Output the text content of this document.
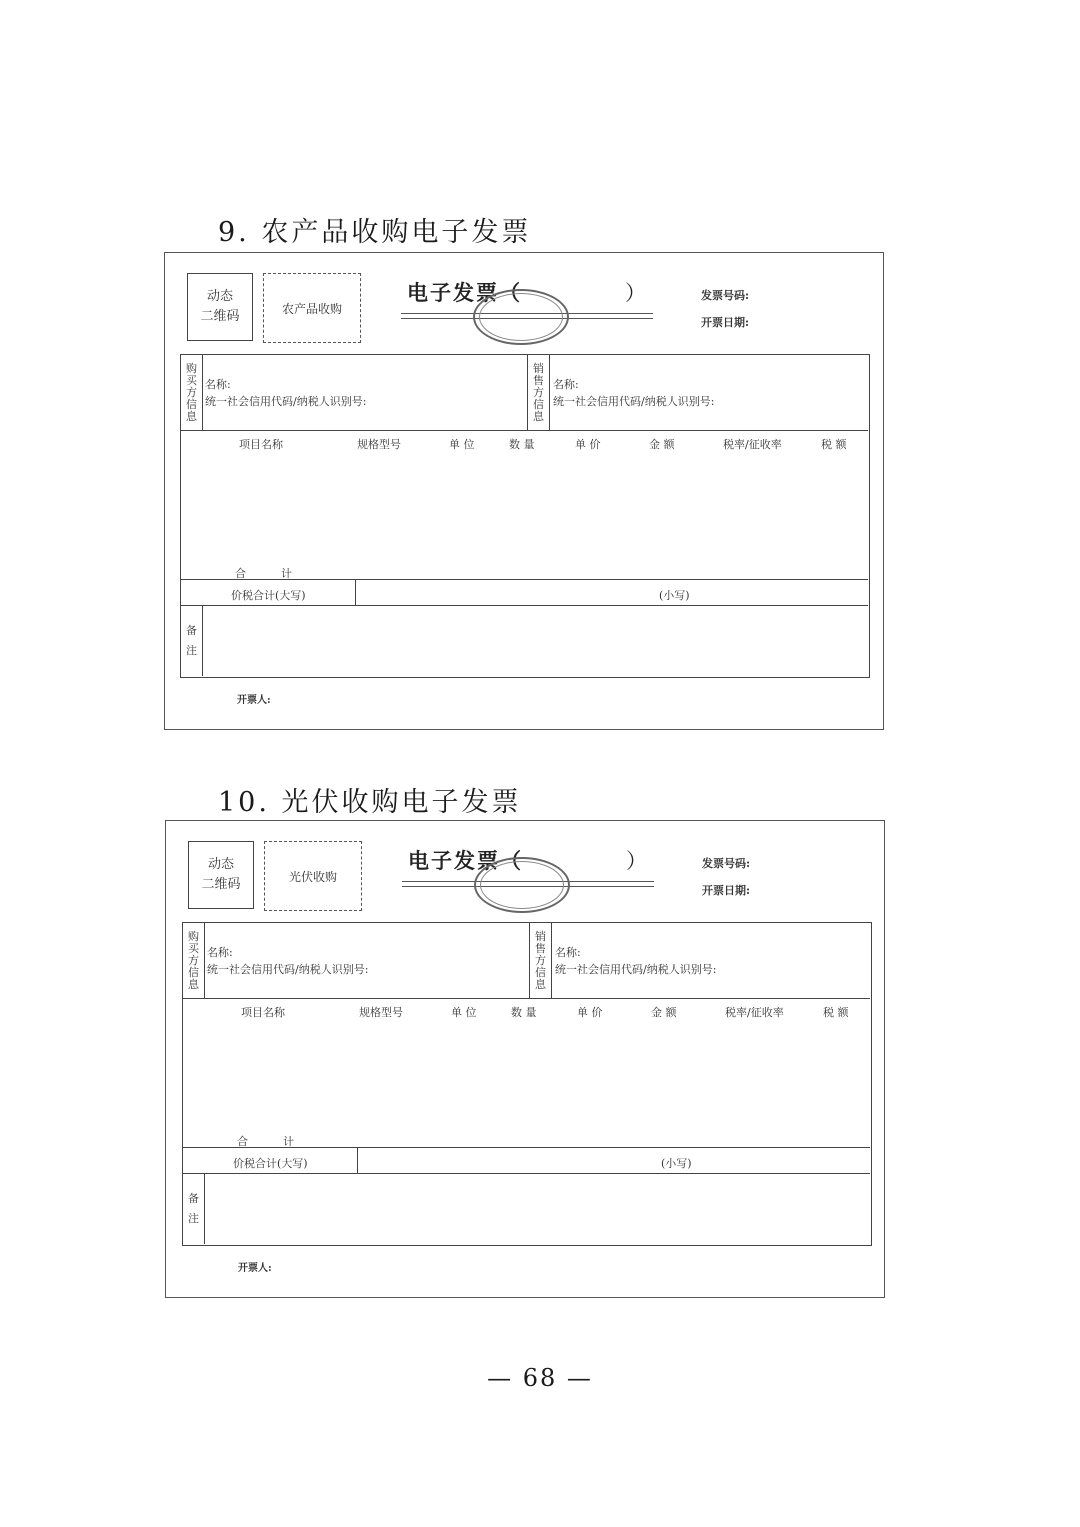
9. 农产品收购电子发票
动态
二维码
农产品收购
电子发票（	）	发票号码:
开票日期:
购
买
方
信
息
名称:
统一社会信用代码/纳税人识别号:
销
售
方
信
息
名称:
统一社会信用代码/纳税人识别号:
项目名称	规格型号	单 位	数 量	单 价	金 额	税率/征收率	税 额
合          计
价税合计(大写)	(小写)
备
注
开票人:
10. 光伏收购电子发票
动态
二维码
光伏收购
电子发票（	）	发票号码:
开票日期:
购
买
方
信
息
名称:
统一社会信用代码/纳税人识别号:
销
售
方
信
息
名称:
统一社会信用代码/纳税人识别号:
项目名称	规格型号	单 位	数 量	单 价	金 额	税率/征收率	税 额
合          计
价税合计(大写)	(小写)
备
注
开票人:
— 68 —
